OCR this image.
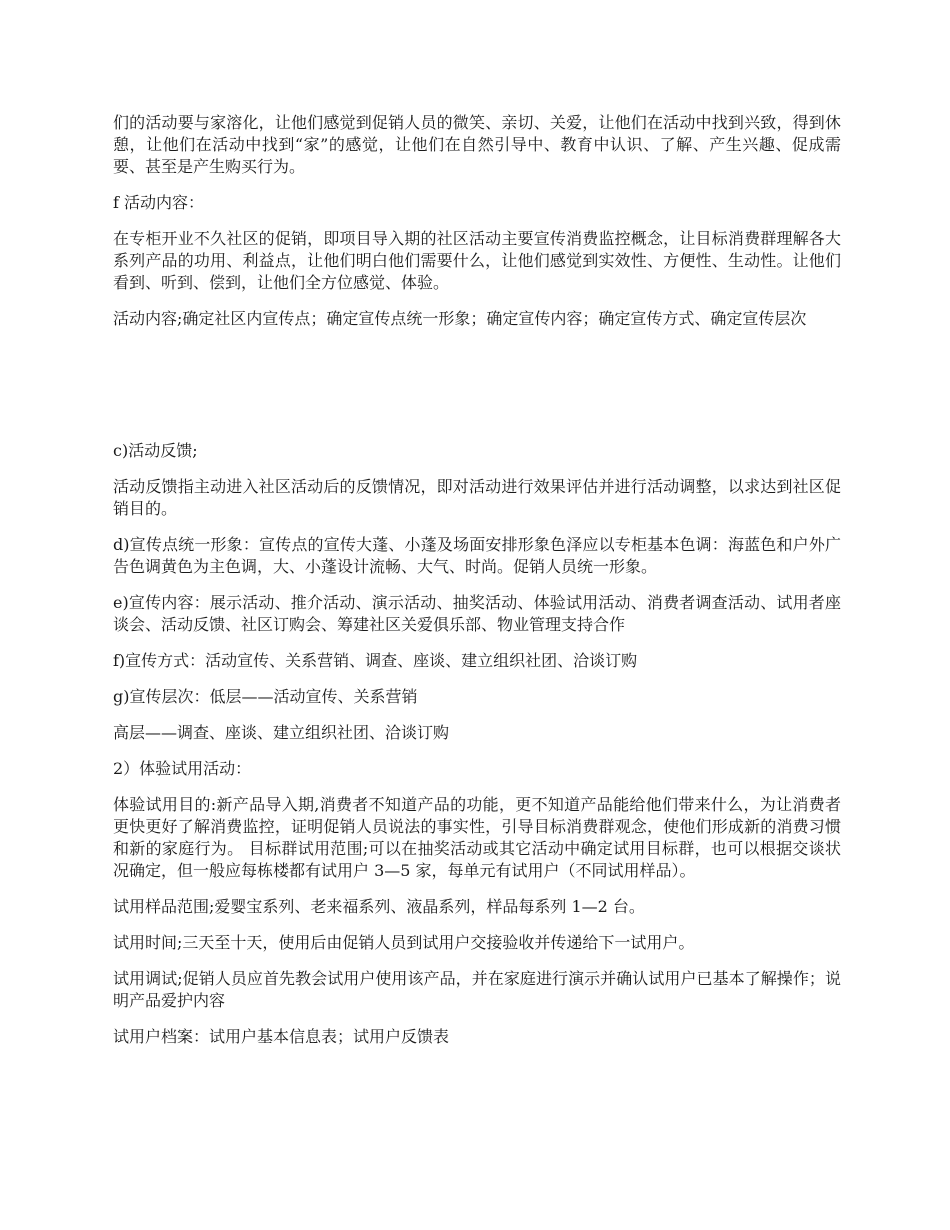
们的活动要与家溶化，让他们感觉到促销人员的微笑、亲切、关爱，让他们在活动中找到兴致，得到休憩，让他们在活动中找到“家”的感觉，让他们在自然引导中、教育中认识、了解、产生兴趣、促成需要、甚至是产生购买行为。

f 活动内容：

在专柜开业不久社区的促销，即项目导入期的社区活动主要宣传消费监控概念，让目标消费群理解各大系列产品的功用、利益点，让他们明白他们需要什么，让他们感觉到实效性、方便性、生动性。让他们看到、听到、偿到，让他们全方位感觉、体验。

活动内容;确定社区内宣传点；确定宣传点统一形象；确定宣传内容；确定宣传方式、确定宣传层次

c)活动反馈;

活动反馈指主动进入社区活动后的反馈情况，即对活动进行效果评估并进行活动调整，以求达到社区促销目的。

d)宣传点统一形象：宣传点的宣传大蓬、小蓬及场面安排形象色泽应以专柜基本色调：海蓝色和户外广告色调黄色为主色调，大、小蓬设计流畅、大气、时尚。促销人员统一形象。

e)宣传内容：展示活动、推介活动、演示活动、抽奖活动、体验试用活动、消费者调查活动、试用者座谈会、活动反馈、社区订购会、筹建社区关爱俱乐部、物业管理支持合作

f)宣传方式：活动宣传、关系营销、调查、座谈、建立组织社团、洽谈订购

g)宣传层次：低层——活动宣传、关系营销

高层——调查、座谈、建立组织社团、洽谈订购

2）体验试用活动：

体验试用目的:新产品导入期,消费者不知道产品的功能，更不知道产品能给他们带来什么，为让消费者更快更好了解消费监控，证明促销人员说法的事实性，引导目标消费群观念，使他们形成新的消费习惯和新的家庭行为。 目标群试用范围;可以在抽奖活动或其它活动中确定试用目标群，也可以根据交谈状况确定，但一般应每栋楼都有试用户 3—5 家，每单元有试用户（不同试用样品）。

试用样品范围;爱婴宝系列、老来福系列、液晶系列，样品每系列 1—2 台。

试用时间;三天至十天，使用后由促销人员到试用户交接验收并传递给下一试用户。

试用调试;促销人员应首先教会试用户使用该产品，并在家庭进行演示并确认试用户已基本了解操作；说明产品爱护内容

试用户档案：试用户基本信息表；试用户反馈表
